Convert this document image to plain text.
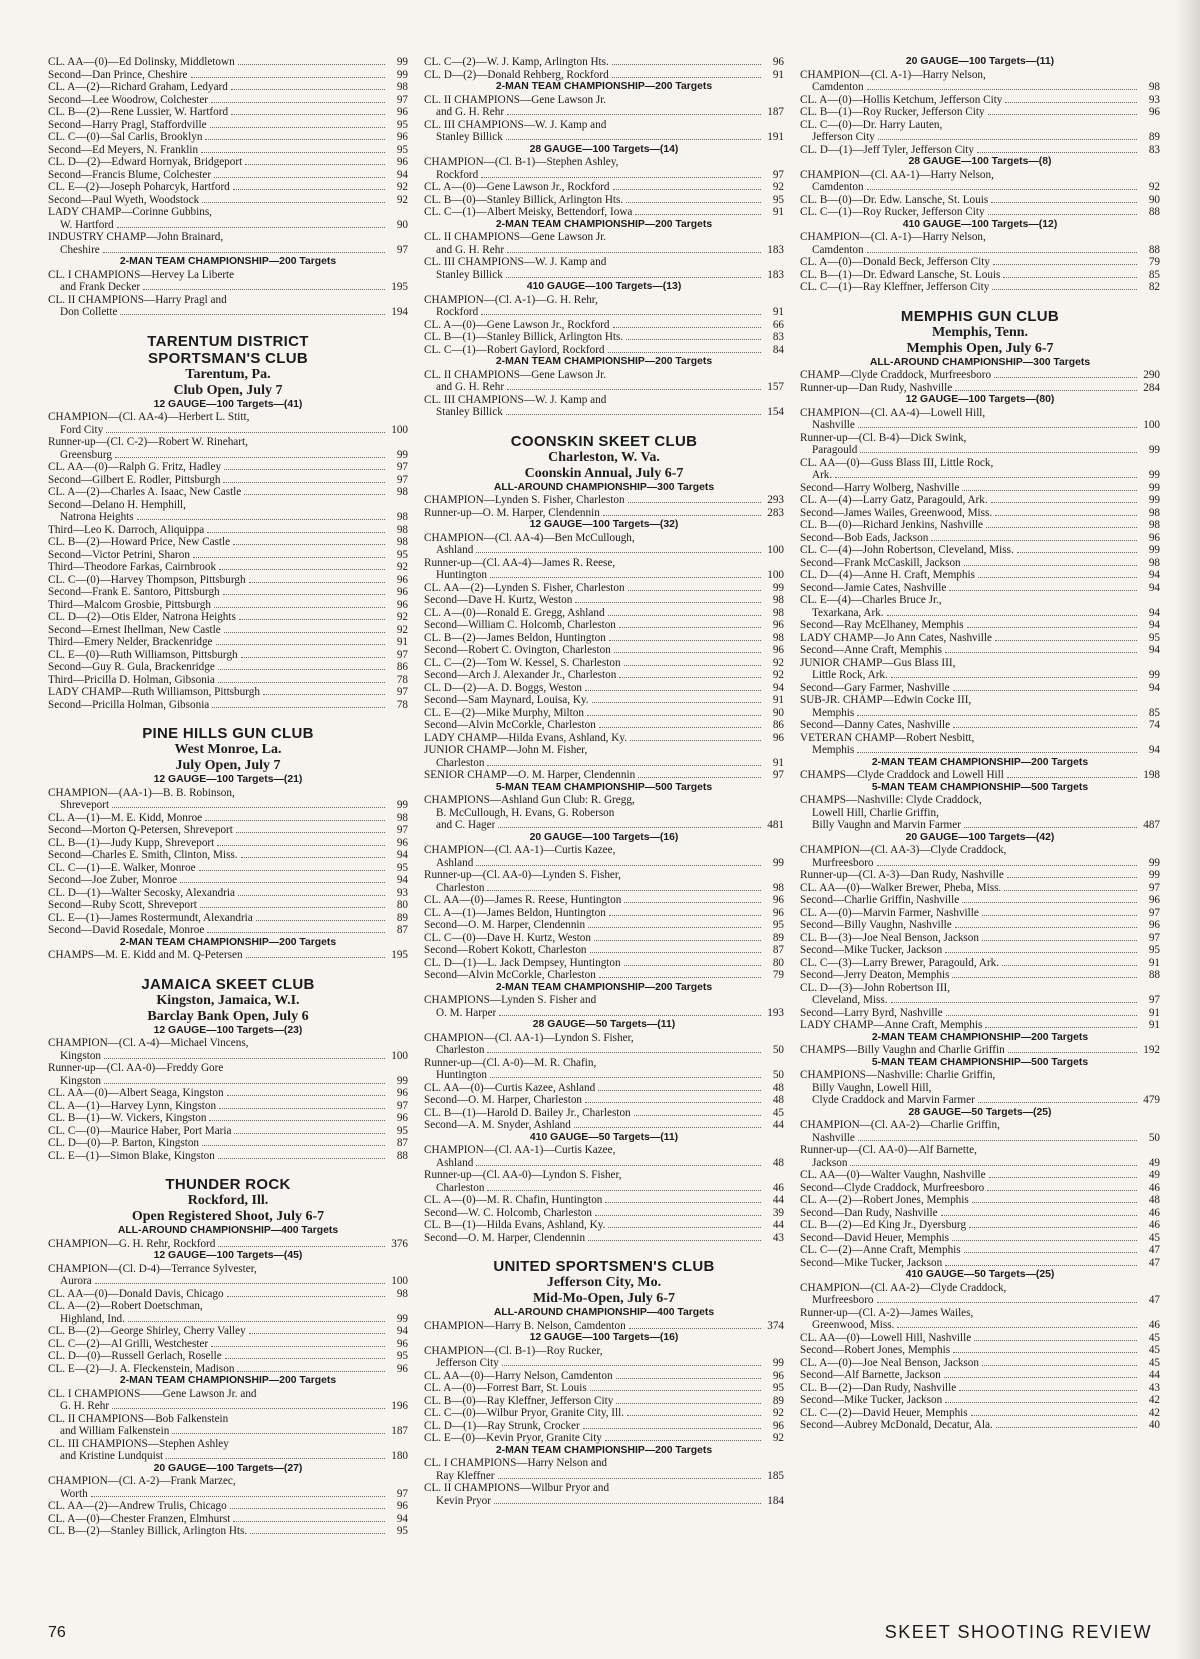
CL. AA—(0)—Ed Dolinsky, Middletown	99
Second—Dan Prince, Cheshire	99
CL. A—(2)—Richard Graham, Ledyard	98
Second—Lee Woodrow, Colchester	97
CL. B—(2)—Rene Lussier, W. Hartford	96
Second—Harry Pragl, Staffordville	95
CL. C—(0)—Sal Carlis, Brooklyn	96
Second—Ed Meyers, N. Franklin	95
CL. D—(2)—Edward Hornyak, Bridgeport	96
Second—Francis Blume, Colchester	94
CL. E—(2)—Joseph Poharcyk, Hartford	92
Second—Paul Wyeth, Woodstock	92
LADY CHAMP—Corinne Gubbins,
W. Hartford	90
INDUSTRY CHAMP—John Brainard,
Cheshire	97
2-MAN TEAM CHAMPIONSHIP—200 Targets
CL. I CHAMPIONS—Hervey La Liberte
and Frank Decker	195
CL. II CHAMPIONS—Harry Pragl and
Don Collette	194
TARENTUM DISTRICT
SPORTSMAN'S CLUB
Tarentum, Pa.
Club Open, July 7
12 GAUGE—100 Targets—(41)
CHAMPION—(Cl. AA-4)—Herbert L. Stitt,
Ford City	100
Runner-up—(Cl. C-2)—Robert W. Rinehart,
Greensburg	99
CL. AA—(0)—Ralph G. Fritz, Hadley	97
Second—Gilbert E. Rodler, Pittsburgh	97
CL. A—(2)—Charles A. Isaac, New Castle	98
Second—Delano H. Hemphill,
Natrona Heights	98
Third—Leo K. Darroch, Aliquippa	98
CL. B—(2)—Howard Price, New Castle	98
Second—Victor Petrini, Sharon	95
Third—Theodore Farkas, Cairnbrook	92
CL. C—(0)—Harvey Thompson, Pittsburgh	96
Second—Frank E. Santoro, Pittsburgh	96
Third—Malcom Grosbie, Pittsburgh	96
CL. D—(2)—Otis Elder, Natrona Heights	92
Second—Ernest Ihellman, New Castle	92
Third—Emery Nelder, Brackenridge	91
CL. E—(0)—Ruth Williamson, Pittsburgh	97
Second—Guy R. Gula, Brackenridge	86
Third—Pricilla D. Holman, Gibsonia	78
LADY CHAMP—Ruth Williamson, Pittsburgh	97
Second—Pricilla Holman, Gibsonia	78
PINE HILLS GUN CLUB
West Monroe, La.
July Open, July 7
12 GAUGE—100 Targets—(21)
CHAMPION—(AA-1)—B. B. Robinson,
Shreveport	99
CL. A—(1)—M. E. Kidd, Monroe	98
Second—Morton Q-Petersen, Shreveport	97
CL. B—(1)—Judy Kupp, Shreveport	96
Second—Charles E. Smith, Clinton, Miss.	94
CL. C—(1)—E. Walker, Monroe	95
Second—Joe Zuber, Monroe	94
CL. D—(1)—Walter Secosky, Alexandria	93
Second—Ruby Scott, Shreveport	80
CL. E—(1)—James Rostermundt, Alexandria	89
Second—David Rosedale, Monroe	87
2-MAN TEAM CHAMPIONSHIP—200 Targets
CHAMPS—M. E. Kidd and M. Q-Petersen	195
JAMAICA SKEET CLUB
Kingston, Jamaica, W.I.
Barclay Bank Open, July 6
12 GAUGE—100 Targets—(23)
CHAMPION—(Cl. A-4)—Michael Vincens,
Kingston	100
Runner-up—(Cl. AA-0)—Freddy Gore
Kingston	99
CL. AA—(0)—Albert Seaga, Kingston	96
CL. A—(1)—Harvey Lynn, Kingston	97
CL. B—(1)—W. Vickers, Kingston	96
CL. C—(0)—Maurice Haber, Port Maria	95
CL. D—(0)—P. Barton, Kingston	87
CL. E—(1)—Simon Blake, Kingston	88
THUNDER ROCK
Rockford, Ill.
Open Registered Shoot, July 6-7
ALL-AROUND CHAMPIONSHIP—400 Targets
CHAMPION—G. H. Rehr, Rockford	376
12 GAUGE—100 Targets—(45)
CHAMPION—(Cl. D-4)—Terrance Sylvester,
Aurora	100
CL. AA—(0)—Donald Davis, Chicago	98
CL. A—(2)—Robert Doetschman,
Highland, Ind.	99
CL. B—(2)—George Shirley, Cherry Valley	94
CL. C—(2)—Al Grilli, Westchester	96
CL. D—(0)—Russell Gerlach, Roselle	95
CL. E—(2)—J. A. Fleckenstein, Madison	96
2-MAN TEAM CHAMPIONSHIP—200 Targets
CL. I CHAMPIONS——Gene Lawson Jr. and
G. H. Rehr	196
CL. II CHAMPIONS—Bob Falkenstein
and William Falkenstein	187
CL. III CHAMPIONS—Stephen Ashley
and Kristine Lundquist	180
20 GAUGE—100 Targets—(27)
CHAMPION—(Cl. A-2)—Frank Marzec,
Worth	97
CL. AA—(2)—Andrew Trulis, Chicago	96
CL. A—(0)—Chester Franzen, Elmhurst	94
CL. B—(2)—Stanley Billick, Arlington Hts.	95
CL. C—(2)—W. J. Kamp, Arlington Hts.	96
CL. D—(2)—Donald Rehberg, Rockford	91
2-MAN TEAM CHAMPIONSHIP—200 Targets
CL. II CHAMPIONS—Gene Lawson Jr.
and G. H. Rehr	187
CL. III CHAMPIONS—W. J. Kamp and
Stanley Billick	191
28 GAUGE—100 Targets—(14)
CHAMPION—(Cl. B-1)—Stephen Ashley,
Rockford	97
CL. A—(0)—Gene Lawson Jr., Rockford	92
CL. B—(0)—Stanley Billick, Arlington Hts.	95
CL. C—(1)—Albert Meisky, Bettendorf, Iowa	91
2-MAN TEAM CHAMPIONSHIP—200 Targets
CL. II CHAMPIONS—Gene Lawson Jr.
and G. H. Rehr	183
CL. III CHAMPIONS—W. J. Kamp and
Stanley Billick	183
410 GAUGE—100 Targets—(13)
CHAMPION—(Cl. A-1)—G. H. Rehr,
Rockford	91
CL. A—(0)—Gene Lawson Jr., Rockford	66
CL. B—(1)—Stanley Billick, Arlington Hts.	83
CL. C—(1)—Robert Gaylord, Rockford	84
2-MAN TEAM CHAMPIONSHIP—200 Targets
CL. II CHAMPIONS—Gene Lawson Jr.
and G. H. Rehr	157
CL. III CHAMPIONS—W. J. Kamp and
Stanley Billick	154
COONSKIN SKEET CLUB
Charleston, W. Va.
Coonskin Annual, July 6-7
ALL-AROUND CHAMPIONSHIP—300 Targets
CHAMPION—Lynden S. Fisher, Charleston	293
Runner-up—O. M. Harper, Clendennin	283
12 GAUGE—100 Targets—(32)
CHAMPION—(Cl. AA-4)—Ben McCullough,
Ashland	100
Runner-up—(Cl. AA-4)—James R. Reese,
Huntington	100
CL. AA—(2)—Lynden S. Fisher, Charleston	99
Second—Dave H. Kurtz, Weston	98
CL. A—(0)—Ronald E. Gregg, Ashland	98
Second—William C. Holcomb, Charleston	96
CL. B—(2)—James Beldon, Huntington	98
Second—Robert C. Ovington, Charleston	96
CL. C—(2)—Tom W. Kessel, S. Charleston	92
Second—Arch J. Alexander Jr., Charleston	92
CL. D—(2)—A. D. Boggs, Weston	94
Second—Sam Maynard, Louisa, Ky.	91
CL. E—(2)—Mike Murphy, Milton	90
Second—Alvin McCorkle, Charleston	86
LADY CHAMP—Hilda Evans, Ashland, Ky.	96
JUNIOR CHAMP—John M. Fisher,
Charleston	91
SENIOR CHAMP—O. M. Harper, Clendennin	97
5-MAN TEAM CHAMPIONSHIP—500 Targets
CHAMPIONS—Ashland Gun Club: R. Gregg,
B. McCullough, H. Evans, G. Roberson
and C. Hager	481
20 GAUGE—100 Targets—(16)
CHAMPION—(Cl. AA-1)—Curtis Kazee,
Ashland	99
Runner-up—(Cl. AA-0)—Lynden S. Fisher,
Charleston	98
CL. AA—(0)—James R. Reese, Huntington	96
CL. A—(1)—James Beldon, Huntington	96
Second—O. M. Harper, Clendennin	95
CL. C—(0)—Dave H. Kurtz, Weston	89
Second—Robert Kokott, Charleston	87
CL. D—(1)—L. Jack Dempsey, Huntington	80
Second—Alvin McCorkle, Charleston	79
2-MAN TEAM CHAMPIONSHIP—200 Targets
CHAMPIONS—Lynden S. Fisher and
O. M. Harper	193
28 GAUGE—50 Targets—(11)
CHAMPION—(Cl. AA-1)—Lyndon S. Fisher,
Charleston	50
Runner-up—(Cl. A-0)—M. R. Chafin,
Huntington	50
CL. AA—(0)—Curtis Kazee, Ashland	48
Second—O. M. Harper, Charleston	48
CL. B—(1)—Harold D. Bailey Jr., Charleston	45
Second—A. M. Snyder, Ashland	44
410 GAUGE—50 Targets—(11)
CHAMPION—(Cl. AA-1)—Curtis Kazee,
Ashland	48
Runner-up—(Cl. AA-0)—Lyndon S. Fisher,
Charleston	46
CL. A—(0)—M. R. Chafin, Huntington	44
Second—W. C. Holcomb, Charleston	39
CL. B—(1)—Hilda Evans, Ashland, Ky.	44
Second—O. M. Harper, Clendennin	43
UNITED SPORTSMEN'S CLUB
Jefferson City, Mo.
Mid-Mo-Open, July 6-7
ALL-AROUND CHAMPIONSHIP—400 Targets
CHAMPION—Harry B. Nelson, Camdenton	374
12 GAUGE—100 Targets—(16)
CHAMPION—(Cl. B-1)—Roy Rucker,
Jefferson City	99
CL. AA—(0)—Harry Nelson, Camdenton	96
CL. A—(0)—Forrest Barr, St. Louis	95
CL. B—(0)—Ray Kleffner, Jefferson City	89
CL. C—(0)—Wilbur Pryor, Granite City, Ill.	92
CL. D—(1)—Ray Strunk, Crocker	96
CL. E—(0)—Kevin Pryor, Granite City	92
2-MAN TEAM CHAMPIONSHIP—200 Targets
CL. I CHAMPIONS—Harry Nelson and
Ray Kleffner	185
CL. II CHAMPIONS—Wilbur Pryor and
Kevin Pryor	184
20 GAUGE—100 Targets—(11)
CHAMPION—(Cl. A-1)—Harry Nelson,
Camdenton	98
CL. A—(0)—Hollis Ketchum, Jefferson City	93
CL. B—(1)—Roy Rucker, Jefferson City	96
CL. C—(0)—Dr. Harry Lauten,
Jefferson City	89
CL. D—(1)—Jeff Tyler, Jefferson City	83
28 GAUGE—100 Targets—(8)
CHAMPION—(Cl. AA-1)—Harry Nelson,
Camdenton	92
CL. B—(0)—Dr. Edw. Lansche, St. Louis	90
CL. C—(1)—Roy Rucker, Jefferson City	88
410 GAUGE—100 Targets—(12)
CHAMPION—(Cl. A-1)—Harry Nelson,
Camdenton	88
CL. A—(0)—Donald Beck, Jefferson City	79
CL. B—(1)—Dr. Edward Lansche, St. Louis	85
CL. C—(1)—Ray Kleffner, Jefferson City	82
MEMPHIS GUN CLUB
Memphis, Tenn.
Memphis Open, July 6-7
ALL-AROUND CHAMPIONSHIP—300 Targets
CHAMP—Clyde Craddock, Murfreesboro	290
Runner-up—Dan Rudy, Nashville	284
12 GAUGE—100 Targets—(80)
CHAMPION—(Cl. AA-4)—Lowell Hill,
Nashville	100
Runner-up—(Cl. B-4)—Dick Swink,
Paragould	99
CL. AA—(0)—Guss Blass III, Little Rock,
Ark.	99
Second—Harry Wolberg, Nashville	99
CL. A—(4)—Larry Gatz, Paragould, Ark.	99
Second—James Wailes, Greenwood, Miss.	98
CL. B—(0)—Richard Jenkins, Nashville	98
Second—Bob Eads, Jackson	96
CL. C—(4)—John Robertson, Cleveland, Miss.	99
Second—Frank McCaskill, Jackson	98
CL. D—(4)—Anne H. Craft, Memphis	94
Second—Jamie Cates, Nashville	94
CL. E—(4)—Charles Bruce Jr.,
Texarkana, Ark.	94
Second—Ray McElhaney, Memphis	94
LADY CHAMP—Jo Ann Cates, Nashville	95
Second—Anne Craft, Memphis	94
JUNIOR CHAMP—Gus Blass III,
Little Rock, Ark.	99
Second—Gary Farmer, Nashville	94
SUB-JR. CHAMP—Edwin Cocke III,
Memphis	85
Second—Danny Cates, Nashville	74
VETERAN CHAMP—Robert Nesbitt,
Memphis	94
2-MAN TEAM CHAMPIONSHIP—200 Targets
CHAMPS—Clyde Craddock and Lowell Hill	198
5-MAN TEAM CHAMPIONSHIP—500 Targets
CHAMPS—Nashville: Clyde Craddock,
Lowell Hill, Charlie Griffin,
Billy Vaughn and Marvin Farmer	487
20 GAUGE—100 Targets—(42)
CHAMPION—(Cl. AA-3)—Clyde Craddock,
Murfreesboro	99
Runner-up—(Cl. A-3)—Dan Rudy, Nashville	99
CL. AA—(0)—Walker Brewer, Pheba, Miss.	97
Second—Charlie Griffin, Nashville	96
CL. A—(0)—Marvin Farmer, Nashville	97
Second—Billy Vaughn, Nashville	96
CL. B—(3)—Joe Neal Benson, Jackson	97
Second—Mike Tucker, Jackson	95
CL. C—(3)—Larry Brewer, Paragould, Ark.	91
Second—Jerry Deaton, Memphis	88
CL. D—(3)—John Robertson III,
Cleveland, Miss.	97
Second—Larry Byrd, Nashville	91
LADY CHAMP—Anne Craft, Memphis	91
2-MAN TEAM CHAMPIONSHIP—200 Targets
CHAMPS—Billy Vaughn and Charlie Griffin	192
5-MAN TEAM CHAMPIONSHIP—500 Targets
CHAMPIONS—Nashville: Charlie Griffin,
Billy Vaughn, Lowell Hill,
Clyde Craddock and Marvin Farmer	479
28 GAUGE—50 Targets—(25)
CHAMPION—(Cl. AA-2)—Charlie Griffin,
Nashville	50
Runner-up—(Cl. AA-0)—Alf Barnette,
Jackson	49
CL. AA—(0)—Walter Vaughn, Nashville	49
Second—Clyde Craddock, Murfreesboro	46
CL. A—(2)—Robert Jones, Memphis	48
Second—Dan Rudy, Nashville	46
CL. B—(2)—Ed King Jr., Dyersburg	46
Second—David Heuer, Memphis	45
CL. C—(2)—Anne Craft, Memphis	47
Second—Mike Tucker, Jackson	47
410 GAUGE—50 Targets—(25)
CHAMPION—(Cl. AA-2)—Clyde Craddock,
Murfreesboro	47
Runner-up—(Cl. A-2)—James Wailes,
Greenwood, Miss.	46
CL. AA—(0)—Lowell Hill, Nashville	45
Second—Robert Jones, Memphis	45
CL. A—(0)—Joe Neal Benson, Jackson	45
Second—Alf Barnette, Jackson	44
CL. B—(2)—Dan Rudy, Nashville	43
Second—Mike Tucker, Jackson	42
CL. C—(2)—David Heuer, Memphis	42
Second—Aubrey McDonald, Decatur, Ala.	40
76	SKEET SHOOTING REVIEW
